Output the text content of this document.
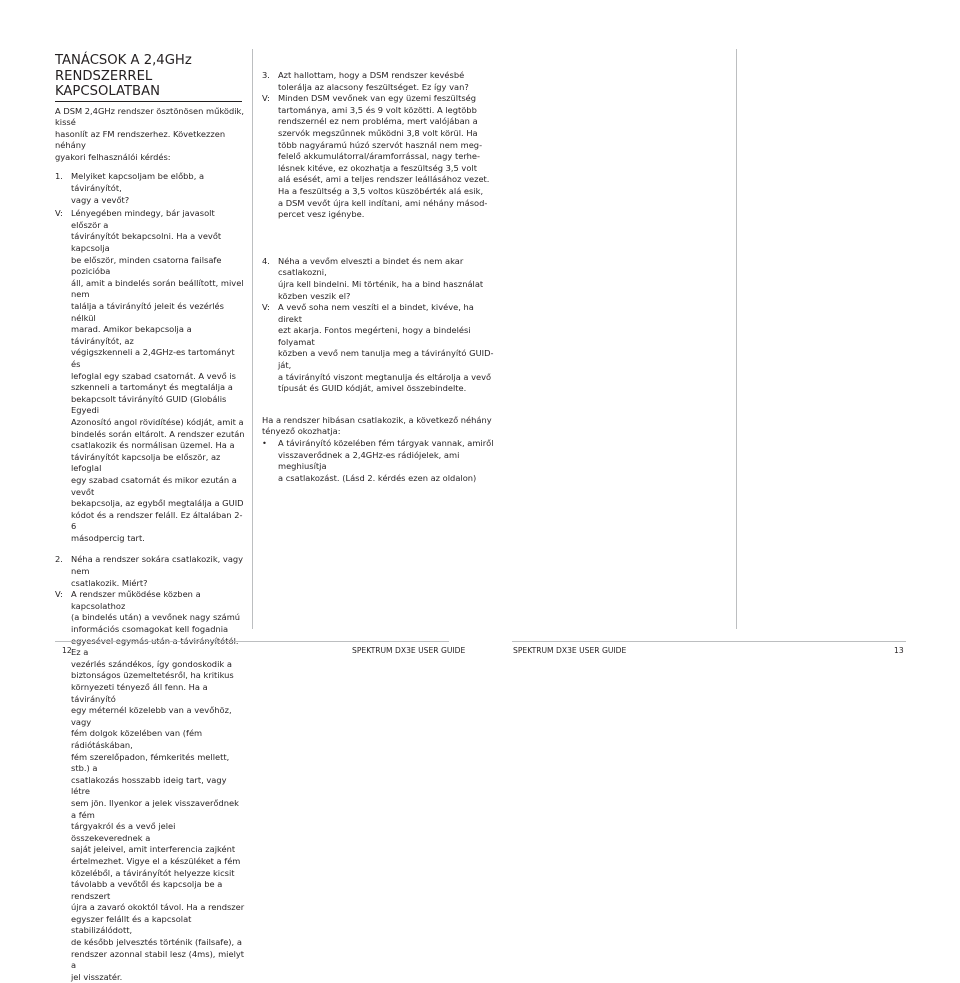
TANÁCSOK A 2,4GHz RENDSZERREL
KAPCSOLATBAN

A DSM 2,4GHz rendszer ösztönösen működik, kissé
hasonlít az FM rendszerhez. Következzen néhány
gyakori felhasználói kérdés:

1. Melyiket kapcsoljam be előbb, a távirányítót,
vagy a vevőt?
V: Lényegében mindegy, bár javasolt először a
távirányítót bekapcsolni. Ha a vevőt kapcsolja
be először, minden csatorna failsafe pozicióba
áll, amit a bindelés során beállított, mivel nem
találja a távirányító jeleit és vezérlés nélkül
marad. Amikor bekapcsolja a távirányítót, az
végigszkenneli a 2,4GHz-es tartományt és
lefoglal egy szabad csatornát. A vevő is
szkenneli a tartományt és megtalálja a
bekapcsolt távirányító GUID (Globális Egyedi
Azonosító angol rövidítése) kódját, amit a
bindelés során eltárolt. A rendszer ezután
csatlakozik és normálisan üzemel. Ha a
távirányítót kapcsolja be először, az lefoglal
egy szabad csatornát és mikor ezután a vevőt
bekapcsolja, az egyből megtalálja a GUID
kódot és a rendszer feláll. Ez általában 2-6
másodpercig tart.
2. Néha a rendszer sokára csatlakozik, vagy nem
csatlakozik. Miért?
V: A rendszer működése közben a kapcsolathoz
(a bindelés után) a vevőnek nagy számú
információs csomagokat kell fogadnia
Ez a
vezérlés szándékos, így gondoskodik a
biztonságos üzemeltetésről, ha kritikus
környezeti tényező áll fenn. Ha a távirányító
egy méternél közelebb van a vevőhöz, vagy
fém dolgok közelében van (fém rádiótáskában,
fém szerelőpadon, fémkerités mellett, stb.) a
csatlakozás hosszabb ideig tart, vagy létre
sem jön. Ilyenkor a jelek visszaverődnek a fém
tárgyakról és a vevő jelei összekeverednek a
saját jeleivel, amit interferencia zajként
értelmezhet. Vigye el a készüléket a fém
közeléből, a távirányítót helyezze kicsit
távolabb a vevőtől és kapcsolja be a rendszert
újra a zavaró okoktól távol. Ha a rendszer
egyszer felállt és a kapcsolat stabilizálódott,
de később jelvesztés történik (failsafe), a
rendszer azonnal stabil lesz (4ms), mielyt a
jel visszatér.
12	SPEKTRUM DX3E USER GUIDE
3. Azt hallottam, hogy a DSM rendszer kevésbé
tolerálja az alacsony feszültséget. Ez így van?
V: Minden DSM vevőnek van egy üzemi feszültség
tartománya, ami 3,5 és 9 volt közötti. A legtöbb
rendszernél ez nem probléma, mert valójában a
szervók megszűnnek működni 3,8 volt körül. Ha
több nagyáramú húzó szervót használ nem meg-
felelő akkumulátorral/áramforrással, nagy terhe-
lésnek kitéve, ez okozhatja a feszültség 3,5 volt
alá esését, ami a teljes rendszer leállásához vezet.
Ha a feszültség a 3,5 voltos küszöbérték alá esik,
a DSM vevőt újra kell indítani, ami néhány másod-
percet vesz igénybe.
4. Néha a vevőm elveszti a bindet és nem akar csatlakozni,
újra kell bindelni. Mi történik, ha a bind használat
közben veszik el?
V: A vevő soha nem veszíti el a bindet, kivéve, ha direkt
ezt akarja. Fontos megérteni, hogy a bindelési folyamat
közben a vevő nem tanulja meg a távirányító GUID-ját,
a távirányító viszont megtanulja és eltárolja a vevő
típusát és GUID kódját, amivel összebindelte.

Ha a rendszer hibásan csatlakozik, a következő néhány
tényező okozhatja:

•	A távirányító közelében fém tárgyak vannak, amiről
visszaverődnek a 2,4GHz-es rádiójelek, ami meghiusítja
a csatlakozást. (Lásd 2. kérdés ezen az oldalon)
SPEKTRUM DX3E USER GUIDE	13
